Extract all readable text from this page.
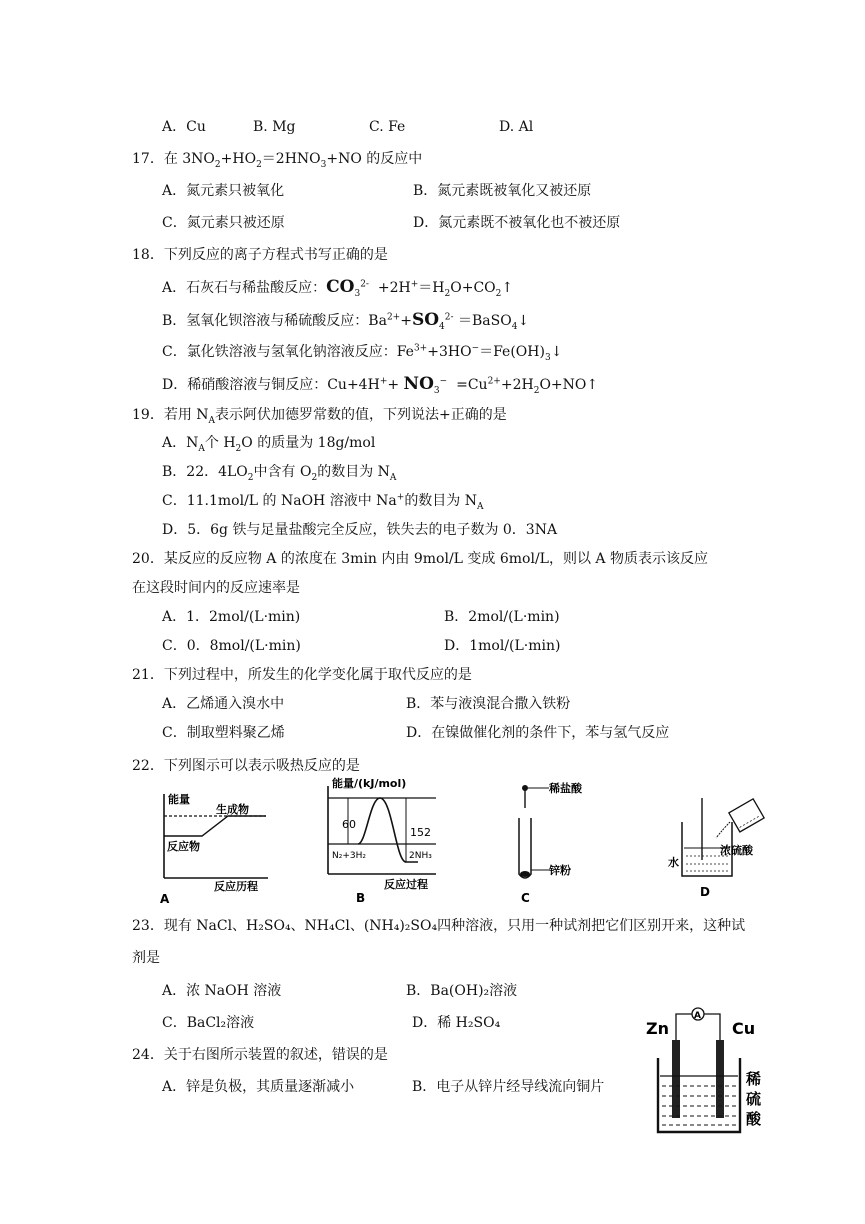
A．Cu	B. Mg	C. Fe	D. Al
17．在 $3NO_2+HO_2=2HNO_3+NO$ 的反应中
A．氮元素只被氧化	B．氮元素既被氧化又被还原
C．氮元素只被还原	D．氮元素既不被氧化也不被还原
18．下列反应的离子方程式书写正确的是
A．石灰石与稀盐酸反应：$CO_3^{2-}$ $+2H^+=H_2O+CO_2↑$
B．氢氧化钡溶液与稀硫酸反应：$Ba^{2+}+SO_4^{2-}$ ＝BaSO$_4$↓
C．氯化铁溶液与氢氧化钠溶液反应：$Fe^{3+}+3HO^-=Fe(OH)_3↓$
D．稀硝酸溶液与铜反应：$Cu+4H^++ NO_3^-$ $=Cu^{2+}+2H_2O+NO↑$
19．若用 $N_A$表示阿伏加德罗常数的值，下列说法+正确的是
A．$N_A$个 $H_2O$ 的质量为 18g/mol
B．22．$4LO_2$中含有 $O_2$的数目为 $N_A$
C．11.1mol/L 的 NaOH 溶液中 Na+的数目为 $N_A$
D．5．6g 铁与足量盐酸完全反应，铁失去的电子数为 0．3NA
20．某反应的反应物 A 的浓度在 3min 内由 9mol/L 变成 6mol/L，则以 A 物质表示该反应
在这段时间内的反应速率是
A．1．2mol/(L·min)	B．2mol/(L·min)
C．0．8mol/(L·min)	D．1mol/(L·min)
21．下列过程中，所发生的化学变化属于取代反应的是
A．乙烯通入溴水中	B．苯与液溴混合撒入铁粉
C．制取塑料聚乙烯	D．在镍做催化剂的条件下，苯与氢气反应
22．下列图示可以表示吸热反应的是
能量
生成物
反应物
反应历程
A
能量/(kJ/mol)
60
152
N₂+3H₂	2NH₃
反应过程
B
稀盐酸
锌粉
C
水
浓硫酸
D
23．现有 NaCl、H₂SO₄、NH₄Cl、(NH₄)₂SO₄四种溶液，只用一种试剂把它们区别开来，这种试
剂是
A．浓 NaOH 溶液	B．Ba(OH)₂溶液
C．BaCl₂溶液	D．稀 H₂SO₄
24．关于右图所示装置的叙述，错误的是
A．锌是负极，其质量逐渐减小	B．电子从锌片经导线流向铜片
Zn	Cu
A
稀
硫
酸
